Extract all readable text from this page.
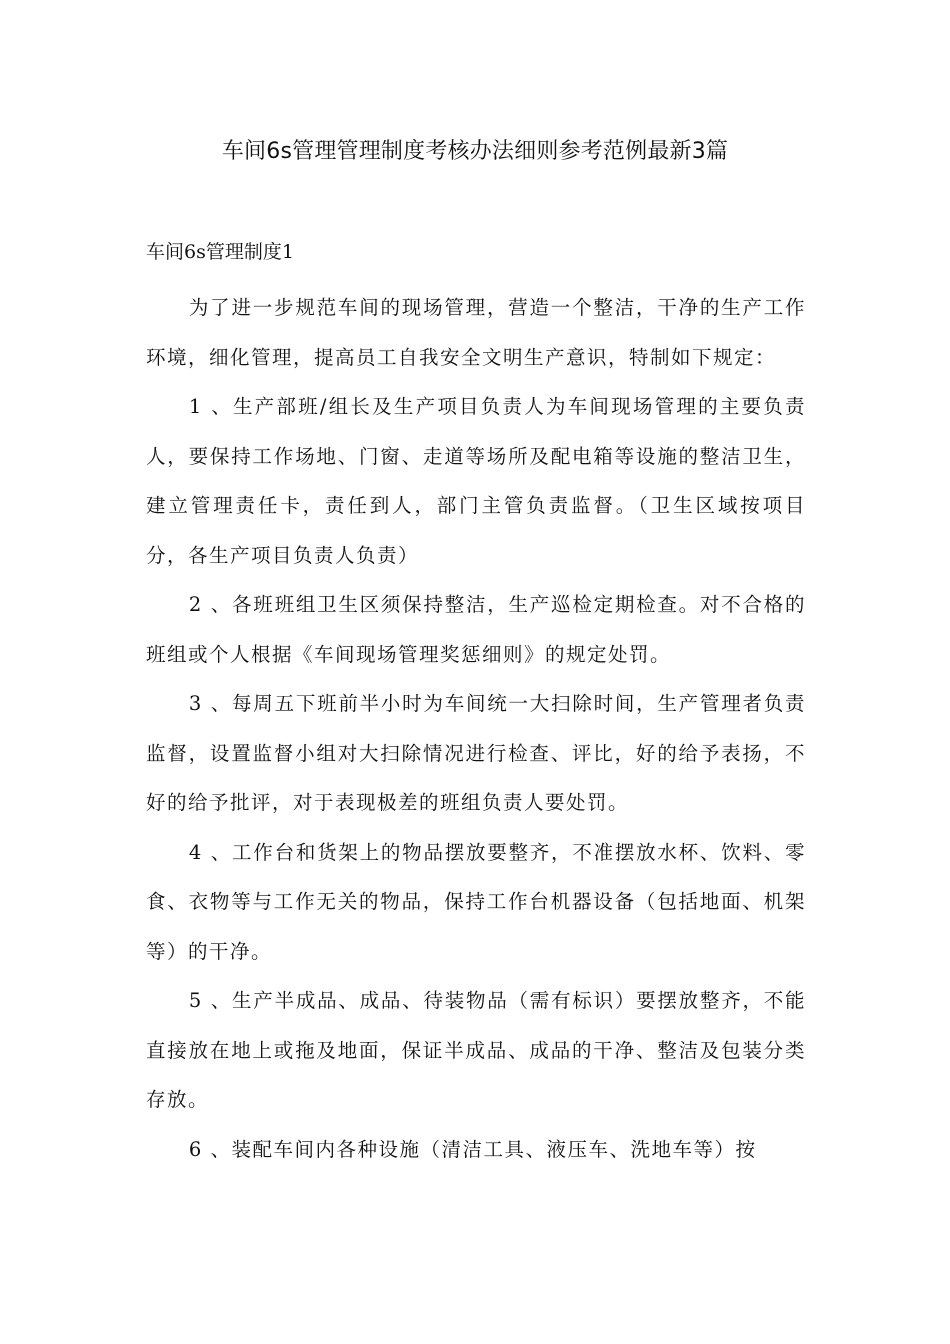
车间6s管理管理制度考核办法细则参考范例最新3篇
车间6s管理制度1

为了进一步规范车间的现场管理，营造一个整洁，干净的生产工作环境，细化管理，提高员工自我安全文明生产意识，特制如下规定：

1 、生产部班/组长及生产项目负责人为车间现场管理的主要负责人，要保持工作场地、门窗、走道等场所及配电箱等设施的整洁卫生，建立管理责任卡，责任到人，部门主管负责监督。（卫生区域按项目分，各生产项目负责人负责）

2 、各班班组卫生区须保持整洁，生产巡检定期检查。对不合格的班组或个人根据《车间现场管理奖惩细则》的规定处罚。

3 、每周五下班前半小时为车间统一大扫除时间，生产管理者负责监督，设置监督小组对大扫除情况进行检查、评比，好的给予表扬，不好的给予批评，对于表现极差的班组负责人要处罚。

4 、工作台和货架上的物品摆放要整齐，不准摆放水杯、饮料、零食、衣物等与工作无关的物品，保持工作台机器设备（包括地面、机架等）的干净。

5 、生产半成品、成品、待装物品（需有标识）要摆放整齐，不能直接放在地上或拖及地面，保证半成品、成品的干净、整洁及包装分类存放。

6 、装配车间内各种设施（清洁工具、液压车、洗地车等）按
